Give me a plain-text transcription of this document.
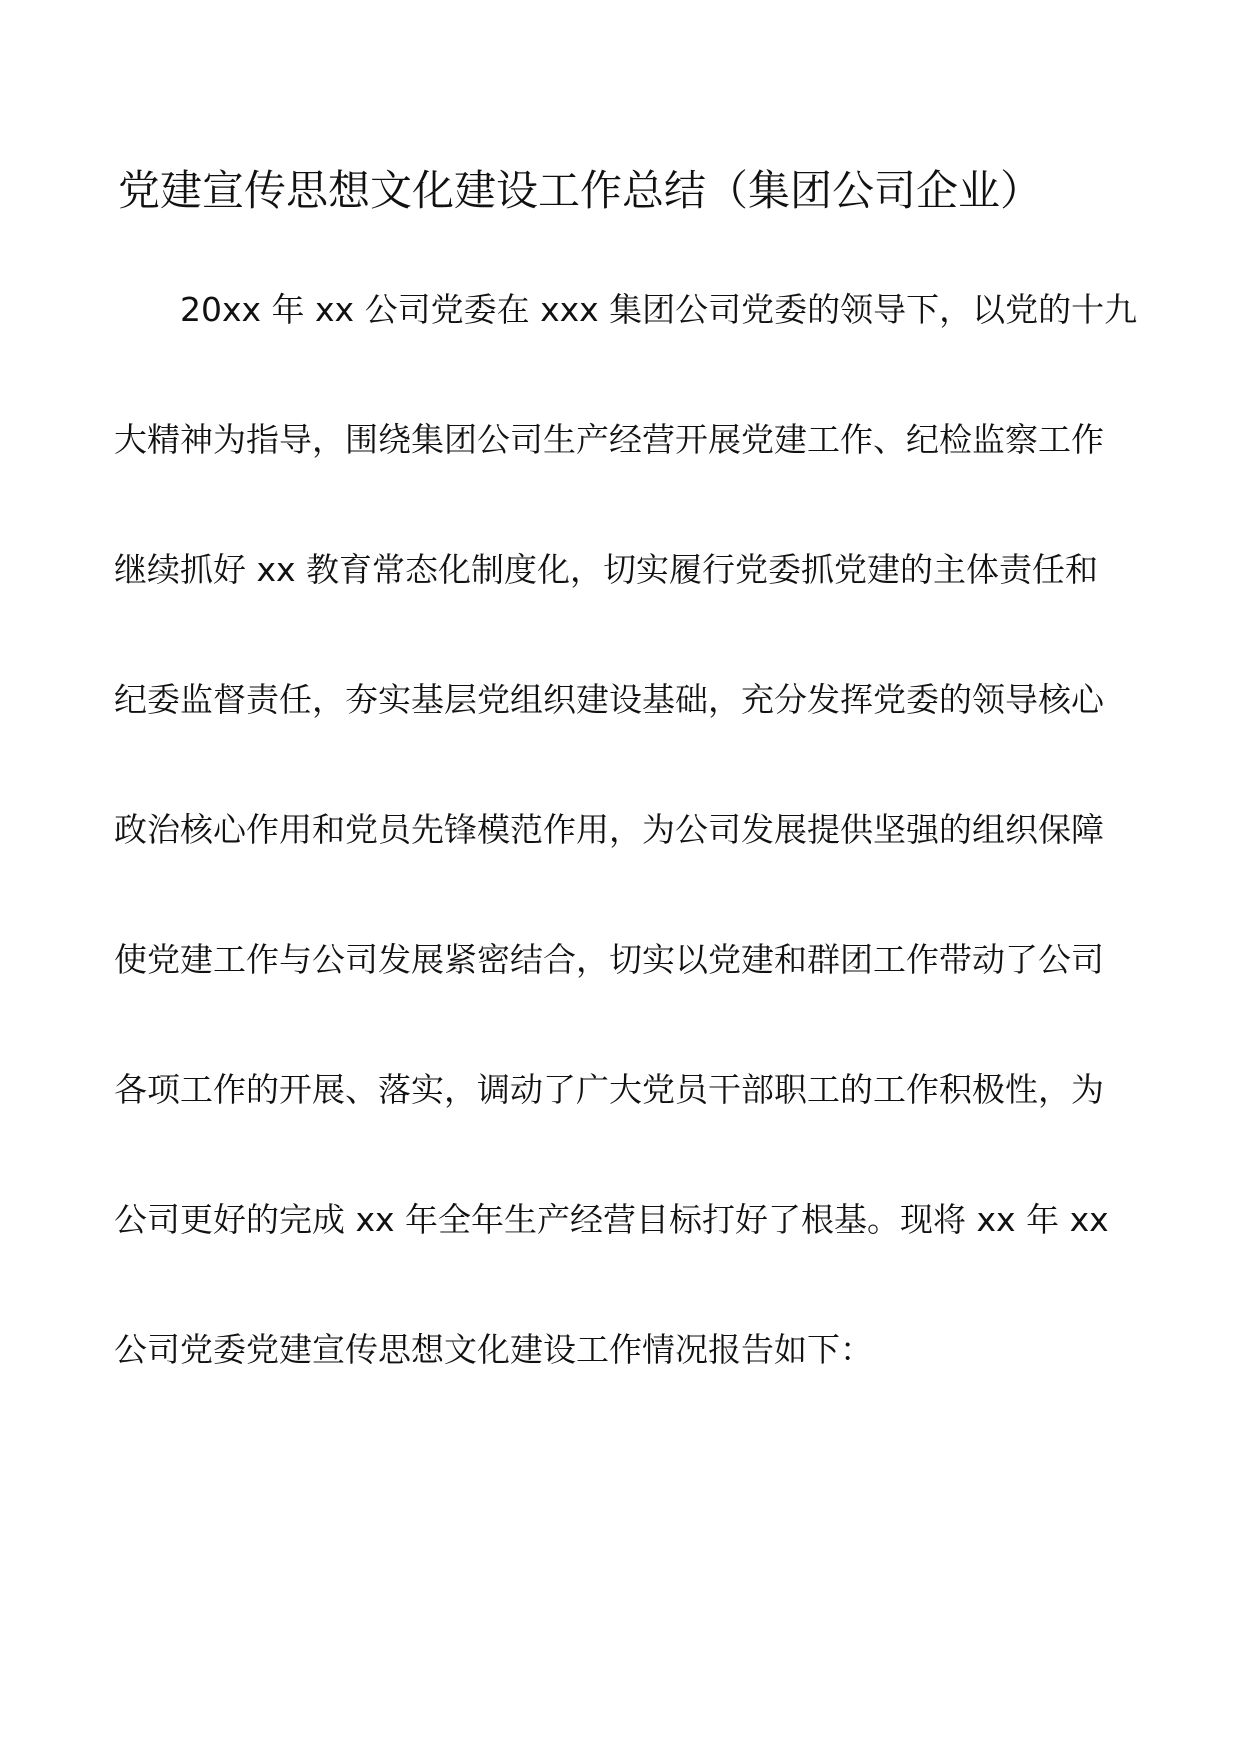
党建宣传思想文化建设工作总结（集团公司企业）
20xx 年 xx 公司党委在 xxx 集团公司党委的领导下，以党的十九
大精神为指导，围绕集团公司生产经营开展党建工作、纪检监察工作
继续抓好 xx 教育常态化制度化，切实履行党委抓党建的主体责任和
纪委监督责任，夯实基层党组织建设基础，充分发挥党委的领导核心
政治核心作用和党员先锋模范作用，为公司发展提供坚强的组织保障
使党建工作与公司发展紧密结合，切实以党建和群团工作带动了公司
各项工作的开展、落实，调动了广大党员干部职工的工作积极性，为
公司更好的完成 xx 年全年生产经营目标打好了根基。现将 xx 年 xx
公司党委党建宣传思想文化建设工作情况报告如下：
